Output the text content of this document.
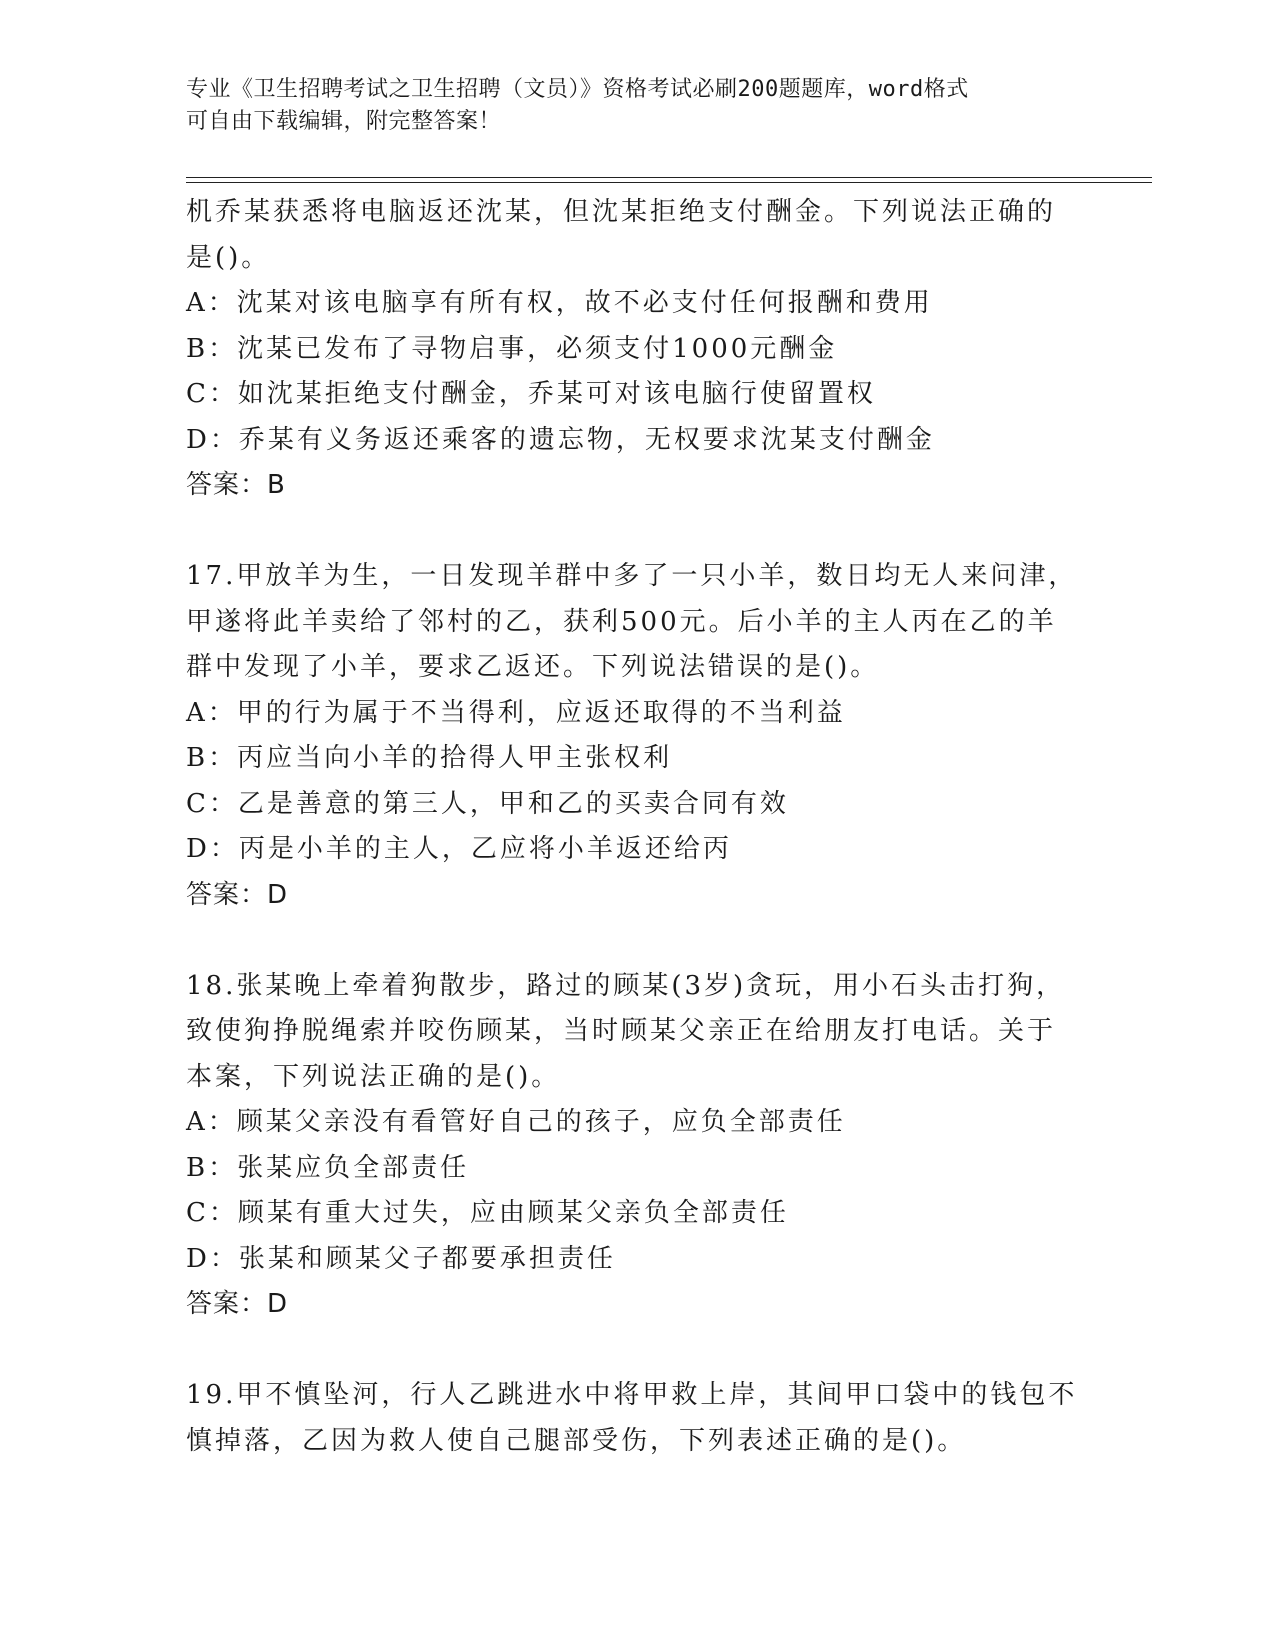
专业《卫生招聘考试之卫生招聘（文员）》资格考试必刷200题题库，word格式
可自由下载编辑，附完整答案！
机乔某获悉将电脑返还沈某，但沈某拒绝支付酬金。下列说法正确的
是()。
A：沈某对该电脑享有所有权，故不必支付任何报酬和费用
B：沈某已发布了寻物启事，必须支付1000元酬金
C：如沈某拒绝支付酬金，乔某可对该电脑行使留置权
D：乔某有义务返还乘客的遗忘物，无权要求沈某支付酬金
答案：B
17.甲放羊为生，一日发现羊群中多了一只小羊，数日均无人来问津，
甲遂将此羊卖给了邻村的乙，获利500元。后小羊的主人丙在乙的羊
群中发现了小羊，要求乙返还。下列说法错误的是()。
A：甲的行为属于不当得利，应返还取得的不当利益
B：丙应当向小羊的拾得人甲主张权利
C：乙是善意的第三人，甲和乙的买卖合同有效
D：丙是小羊的主人，乙应将小羊返还给丙
答案：D
18.张某晚上牵着狗散步，路过的顾某(3岁)贪玩，用小石头击打狗，
致使狗挣脱绳索并咬伤顾某，当时顾某父亲正在给朋友打电话。关于
本案，下列说法正确的是()。
A：顾某父亲没有看管好自己的孩子，应负全部责任
B：张某应负全部责任
C：顾某有重大过失，应由顾某父亲负全部责任
D：张某和顾某父子都要承担责任
答案：D
19.甲不慎坠河，行人乙跳进水中将甲救上岸，其间甲口袋中的钱包不
慎掉落，乙因为救人使自己腿部受伤，下列表述正确的是()。
